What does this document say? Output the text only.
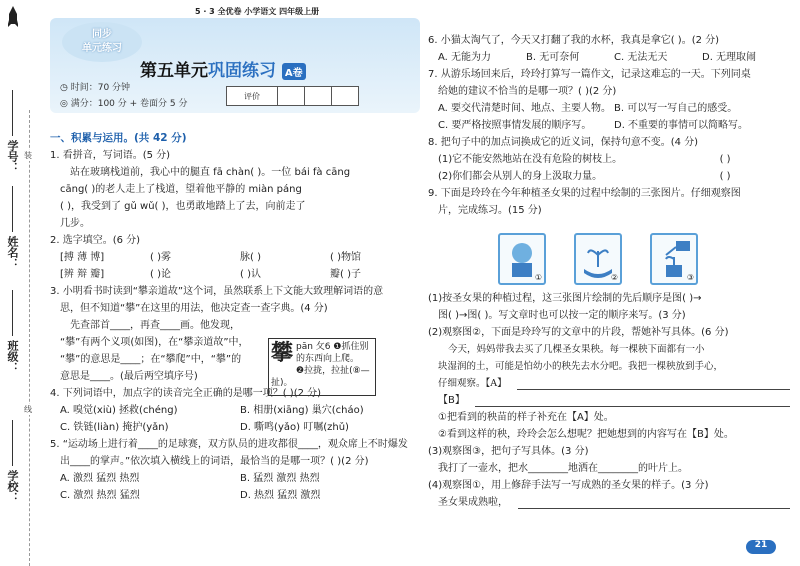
装
线
学号：
姓名：
班级：
学校：
5 · 3 全优卷 小学语文 四年级上册
同步
单元练习
第五单元巩固练习 A卷
◷ 时间：70 分钟
◎ 满分：100 分 + 卷面分 5 分
评价			
一、积累与运用。(共 42 分)

1. 看拼音，写词语。(5 分)

站在玻璃栈道前，我心中的腿直 fā chàn( )。一位 bái fà cāng

cāng( )的老人走上了栈道，望着他平静的 miàn páng

( )，我受到了 gǔ wǔ( )，也勇敢地踏上了去，向前走了

几步。

2. 选字填空。(6 分)

[搏 薄 博]	( )雾	脉( )	( )物馆
[辨 辩 瓣]	( )论	( )认	瓣( )子

3. 小明看书时读到“攀亲道故”这个词，虽然联系上下文能大致理解词语的意

思，但不知道“攀”在这里的用法，他决定查一查字典。(4 分)

先查部首____，再查____画。他发现，

“攀”有两个义项(如图)，在“攀亲道故”中，

“攀”的意思是____；在“攀爬”中，“攀”的

意思是____。(最后两空填序号)

4. 下列词语中，加点字的读音完全正确的是哪一项？( )(2 分)

A. 嗅觉(xiù) 拯救(chéng)	B. 相册(xiāng) 巢穴(cháo)
C. 铁链(liàn) 掩护(yǎn)	D. 嘶鸣(yǎo) 叮嘱(zhǔ)

5. “运动场上进行着____的足球赛，双方队员的进攻都很____，观众席上不时爆发

出____的掌声。”依次填入横线上的词语，最恰当的是哪一项？( )(2 分)

A. 激烈 猛烈 热烈	B. 猛烈 激烈 热烈
C. 激烈 热烈 猛烈	D. 热烈 猛烈 激烈
攀 pān 攵6 ❶抓住别的东西向上爬。
❷拉拢，拉扯(⑧—扯)。

6. 小猫太淘气了，今天又打翻了我的水杯，我真是拿它( )。(2 分)

A. 无能为力	B. 无可奈何	C. 无法无天	D. 无理取闹

7. 从游乐场回来后，玲玲打算写一篇作文，记录这难忘的一天。下列同桌

给她的建议不恰当的是哪一项？( )(2 分)

A. 要交代清楚时间、地点、主要人物。 B. 可以写一写自己的感受。
C. 要严格按照事情发展的顺序写。	D. 不重要的事情可以简略写。

8. 把句子中的加点词换成它的近义词，保持句意不变。(4 分)

(1)它不能安然地站在没有危险的树枝上。	( )
(2)你们都会从别人的身上汲取力量。	( )

9. 下面是玲玲在今年种植圣女果的过程中绘制的三张图片。仔细观察图

片，完成练习。(15 分)

①	②	③

(1)按圣女果的种植过程，这三张图片绘制的先后顺序是图( )→

图( )→图( )。写文章时也可以按一定的顺序来写。(3 分)

(2)观察图②，下面是玲玲写的文章中的片段，帮她补写具体。(6 分)

今天，妈妈带我去买了几棵圣女果秧。每一棵秧下面都有一小

块湿润的土，可能是怕幼小的秧先去水分吧。我把一棵秧放到手心，

仔细观察。【A】
【B】

①把看到的秧苗的样子补充在【A】处。

②看到这样的秧，玲玲会怎么想呢？把她想到的内容写在【B】处。

(3)观察图③，把句子写具体。(3 分)

我打了一壶水，把水________地洒在________的叶片上。

(4)观察图①，用上修辞手法写一写成熟的圣女果的样子。(3 分)

圣女果成熟啦，
21
